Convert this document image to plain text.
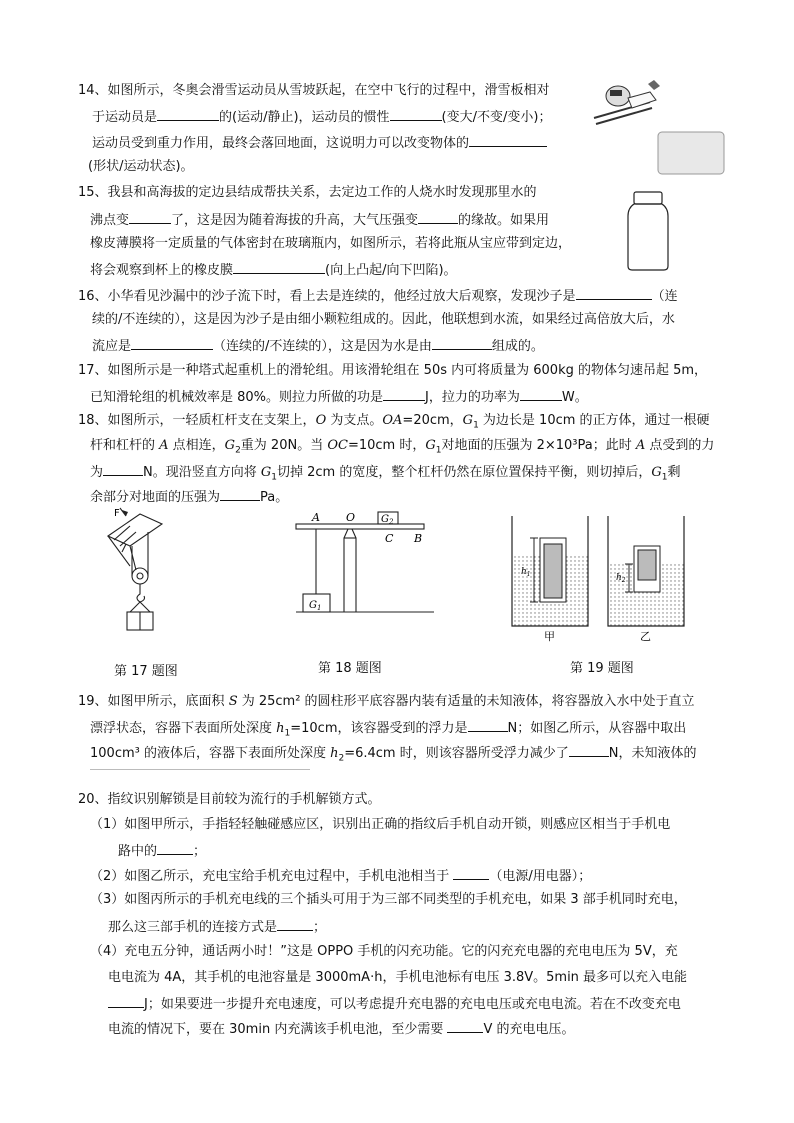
14、如图所示，冬奥会滑雪运动员从雪坡跃起，在空中飞行的过程中，滑雪板相对
于运动员是	的(运动/静止)，运动员的惯性	(变大/不变/变小)；
运动员受到重力作用，最终会落回地面，这说明力可以改变物体的
(形状/运动状态)。
15、我县和高海拔的定边县结成帮扶关系，去定边工作的人烧水时发现那里水的
沸点变	了，这是因为随着海拔的升高，大气压强变	的缘故。如果用
橡皮薄膜将一定质量的气体密封在玻璃瓶内，如图所示，若将此瓶从宝应带到定边，
将会观察到杯上的橡皮膜	(向上凸起/向下凹陷)。
16、小华看见沙漏中的沙子流下时，看上去是连续的，他经过放大后观察，发现沙子是	（连
续的/不连续的），这是因为沙子是由细小颗粒组成的。因此，他联想到水流，如果经过高倍放大后，水
流应是	（连续的/不连续的），这是因为水是由	组成的。
17、如图所示是一种塔式起重机上的滑轮组。用该滑轮组在 50s 内可将质量为 600kg 的物体匀速吊起 5m，
已知滑轮组的机械效率是 80%。则拉力所做的功是	J，拉力的功率为	W。
18、如图所示，一轻质杠杆支在支架上，O 为支点。OA=20cm，$G_1$ 为边长是 10cm 的正方体，通过一根硬
杆和杠杆的 A 点相连，$G_2$重为 20N。当 OC=10cm 时，$G_1$对地面的压强为 2×10³Pa；此时 A 点受到的力
为	N。现沿竖直方向将 $G_1$切掉 2cm 的宽度，整个杠杆仍然在原位置保持平衡，则切掉后，$G_1$剩
余部分对地面的压强为	Pa。
F	A O	$G_2$
C B
$G_1$
$h_1$	$h_2$
甲	乙
第 17 题图	第 18 题图	第 19 题图
19、如图甲所示，底面积 S 为 25cm² 的圆柱形平底容器内装有适量的未知液体，将容器放入水中处于直立
漂浮状态，容器下表面所处深度 $h_1=10cm$，该容器受到的浮力是	N；如图乙所示，从容器中取出
100cm³ 的液体后，容器下表面所处深度 $h_2=6.4cm$ 时，则该容器所受浮力减少了	N，未知液体的
20、指纹识别解锁是目前较为流行的手机解锁方式。
（1）如图甲所示，手指轻轻触碰感应区，识别出正确的指纹后手机自动开锁，则感应区相当于手机电
路中的	；
（2）如图乙所示，充电宝给手机充电过程中，手机电池相当于	（电源/用电器）；
（3）如图丙所示的手机充电线的三个插头可用于为三部不同类型的手机充电，如果 3 部手机同时充电，
那么这三部手机的连接方式是	；
（4）充电五分钟，通话两小时！”这是 OPPO 手机的闪充功能。它的闪充充电器的充电电压为 5V，充
电电流为 4A，其手机的电池容量是 3000mA·h，手机电池标有电压 3.8V。5min 最多可以充入电能
J；如果要进一步提升充电速度，可以考虑提升充电器的充电电压或充电电流。若在不改变充电
电流的情况下，要在 30min 内充满该手机电池，至少需要	V 的充电电压。
